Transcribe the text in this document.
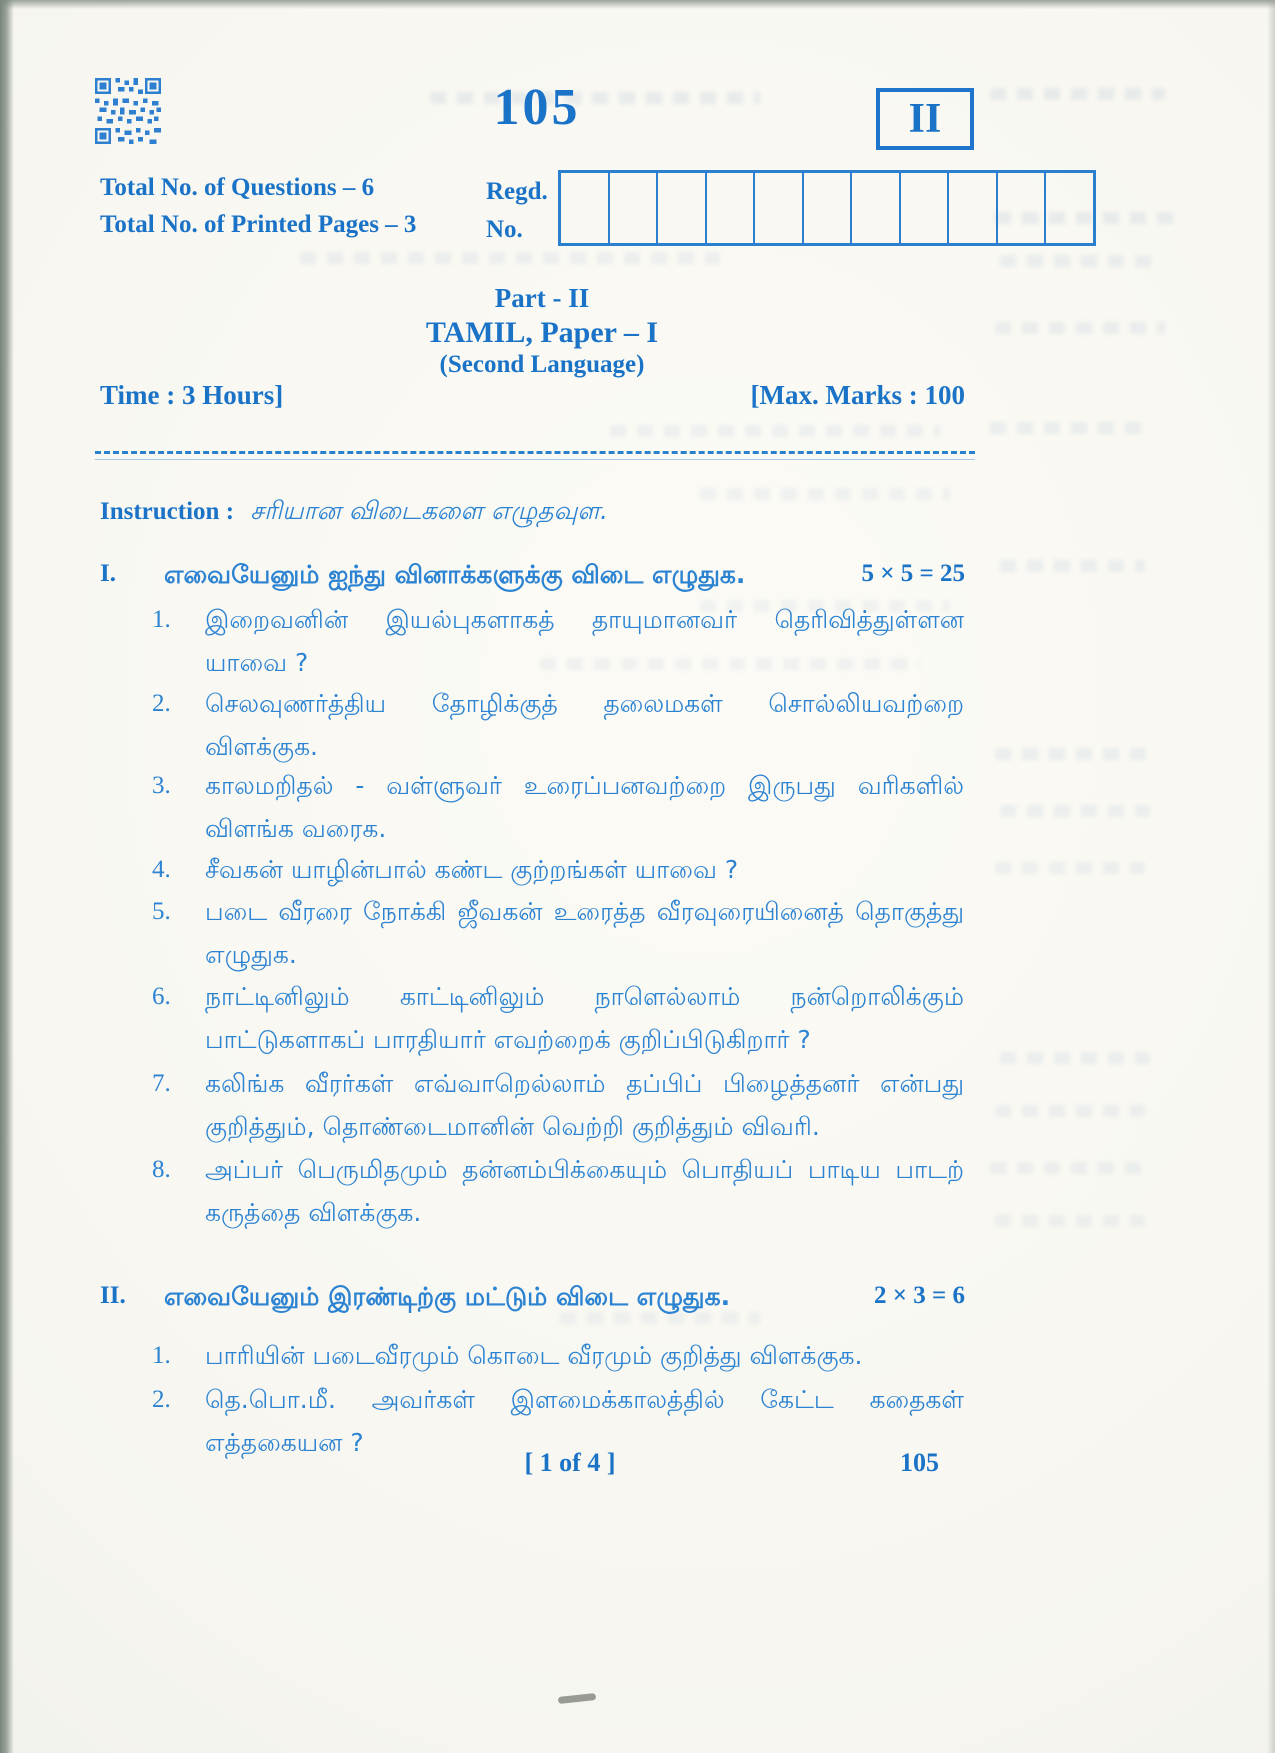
105	II
Total No. of Questions – 6
Total No. of Printed Pages – 3
Regd.
No.
Part - II
TAMIL, Paper – I
(Second Language)
Time : 3 Hours]	[Max. Marks : 100
Instruction : சரியான விடைகளை எழுதவுள.
I.	எவையேனும் ஐந்து வினாக்களுக்கு விடை எழுதுக.	5 × 5 = 25
1.	இறைவனின் இயல்புகளாகத் தாயுமானவர் தெரிவித்துள்ளன யாவை ?
2.	செலவுணர்த்திய தோழிக்குத் தலைமகள் சொல்லியவற்றை விளக்குக.
3.	காலமறிதல் - வள்ளுவர் உரைப்பனவற்றை இருபது வரிகளில் விளங்க வரைக.
4.	சீவகன் யாழின்பால் கண்ட குற்றங்கள் யாவை ?
5.	படை வீரரை நோக்கி ஜீவகன் உரைத்த வீரவுரையினைத் தொகுத்து எழுதுக.
6.	நாட்டினிலும் காட்டினிலும் நாளெல்லாம் நன்றொலிக்கும் பாட்டுகளாகப் பாரதியார் எவற்றைக் குறிப்பிடுகிறார் ?
7.	கலிங்க வீரர்கள் எவ்வாறெல்லாம் தப்பிப் பிழைத்தனர் என்பது குறித்தும், தொண்டைமானின் வெற்றி குறித்தும் விவரி.
8.	அப்பர் பெருமிதமும் தன்னம்பிக்கையும் பொதியப் பாடிய பாடற் கருத்தை விளக்குக.
II.	எவையேனும் இரண்டிற்கு மட்டும் விடை எழுதுக.	2 × 3 = 6
1.	பாரியின் படைவீரமும் கொடை வீரமும் குறித்து விளக்குக.
2.	தெ.பொ.மீ. அவர்கள் இளமைக்காலத்தில் கேட்ட கதைகள் எத்தகையன ?
[ 1 of 4 ]	105
